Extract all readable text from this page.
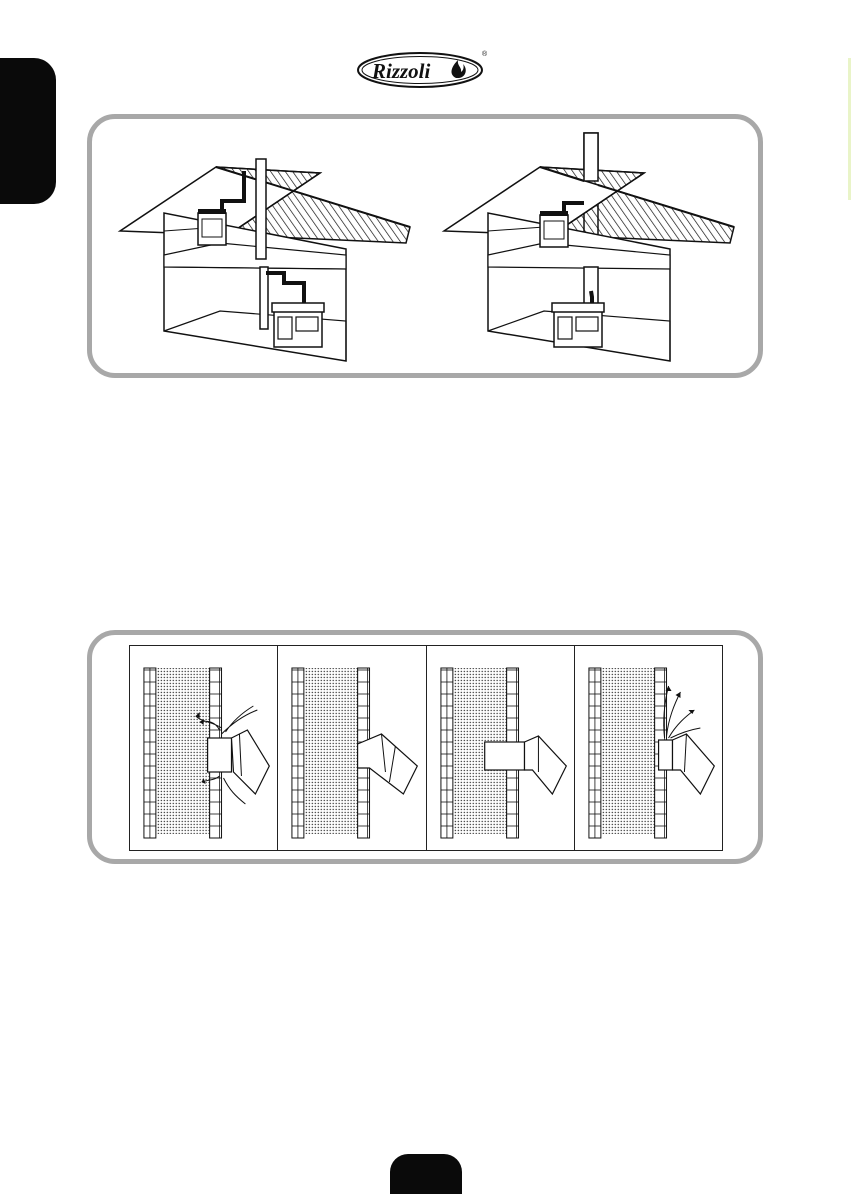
Rizzoli
®
